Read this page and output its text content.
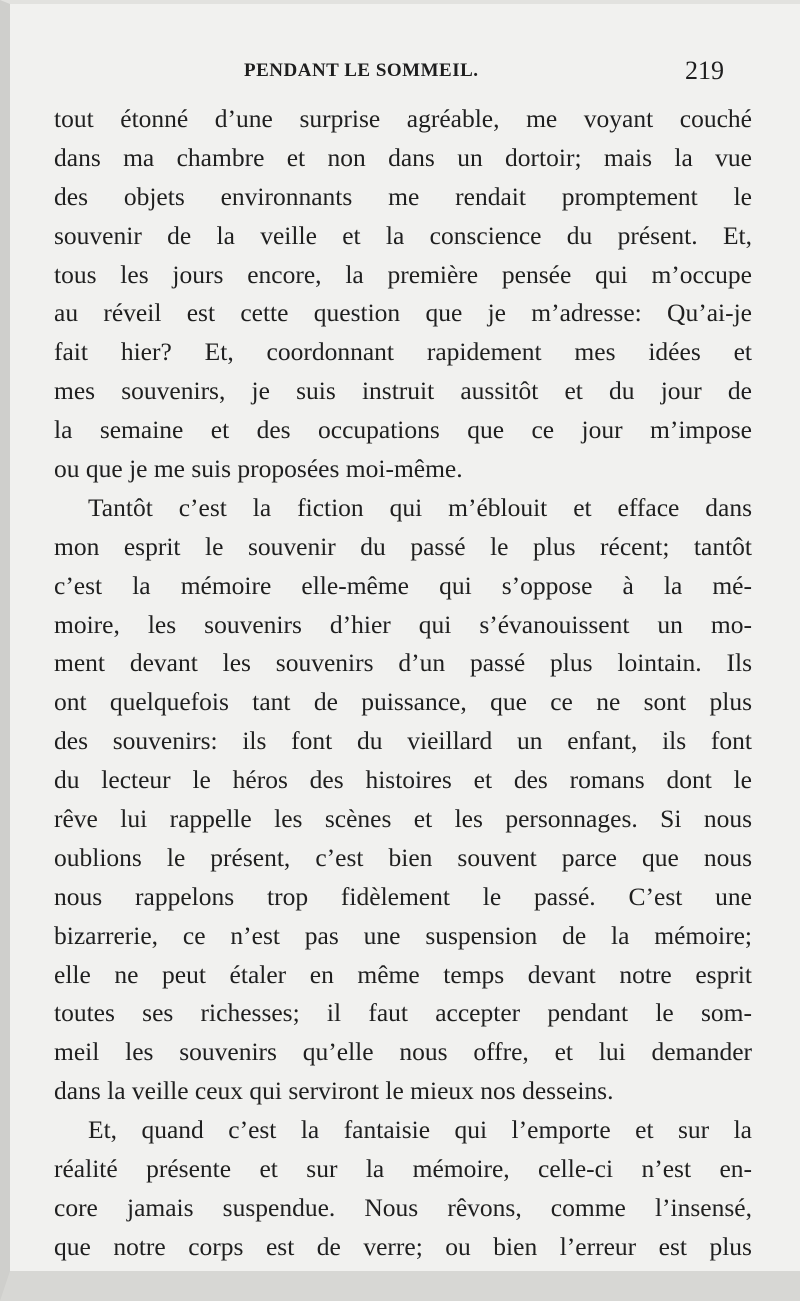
PENDANT LE SOMMEIL.	219
tout étonné d’une surprise agréable, me voyant couché
dans ma chambre et non dans un dortoir; mais la vue
des objets environnants me rendait promptement le
souvenir de la veille et la conscience du présent. Et,
tous les jours encore, la première pensée qui m’occupe
au réveil est cette question que je m’adresse: Qu’ai-je
fait hier? Et, coordonnant rapidement mes idées et
mes souvenirs, je suis instruit aussitôt et du jour de
la semaine et des occupations que ce jour m’impose
ou que je me suis proposées moi-même.
Tantôt c’est la fiction qui m’éblouit et efface dans
mon esprit le souvenir du passé le plus récent; tantôt
c’est la mémoire elle-même qui s’oppose à la mé-
moire, les souvenirs d’hier qui s’évanouissent un mo-
ment devant les souvenirs d’un passé plus lointain. Ils
ont quelquefois tant de puissance, que ce ne sont plus
des souvenirs: ils font du vieillard un enfant, ils font
du lecteur le héros des histoires et des romans dont le
rêve lui rappelle les scènes et les personnages. Si nous
oublions le présent, c’est bien souvent parce que nous
nous rappelons trop fidèlement le passé. C’est une
bizarrerie, ce n’est pas une suspension de la mémoire;
elle ne peut étaler en même temps devant notre esprit
toutes ses richesses; il faut accepter pendant le som-
meil les souvenirs qu’elle nous offre, et lui demander
dans la veille ceux qui serviront le mieux nos desseins.
Et, quand c’est la fantaisie qui l’emporte et sur la
réalité présente et sur la mémoire, celle-ci n’est en-
core jamais suspendue. Nous rêvons, comme l’insensé,
que notre corps est de verre; ou bien l’erreur est plus
